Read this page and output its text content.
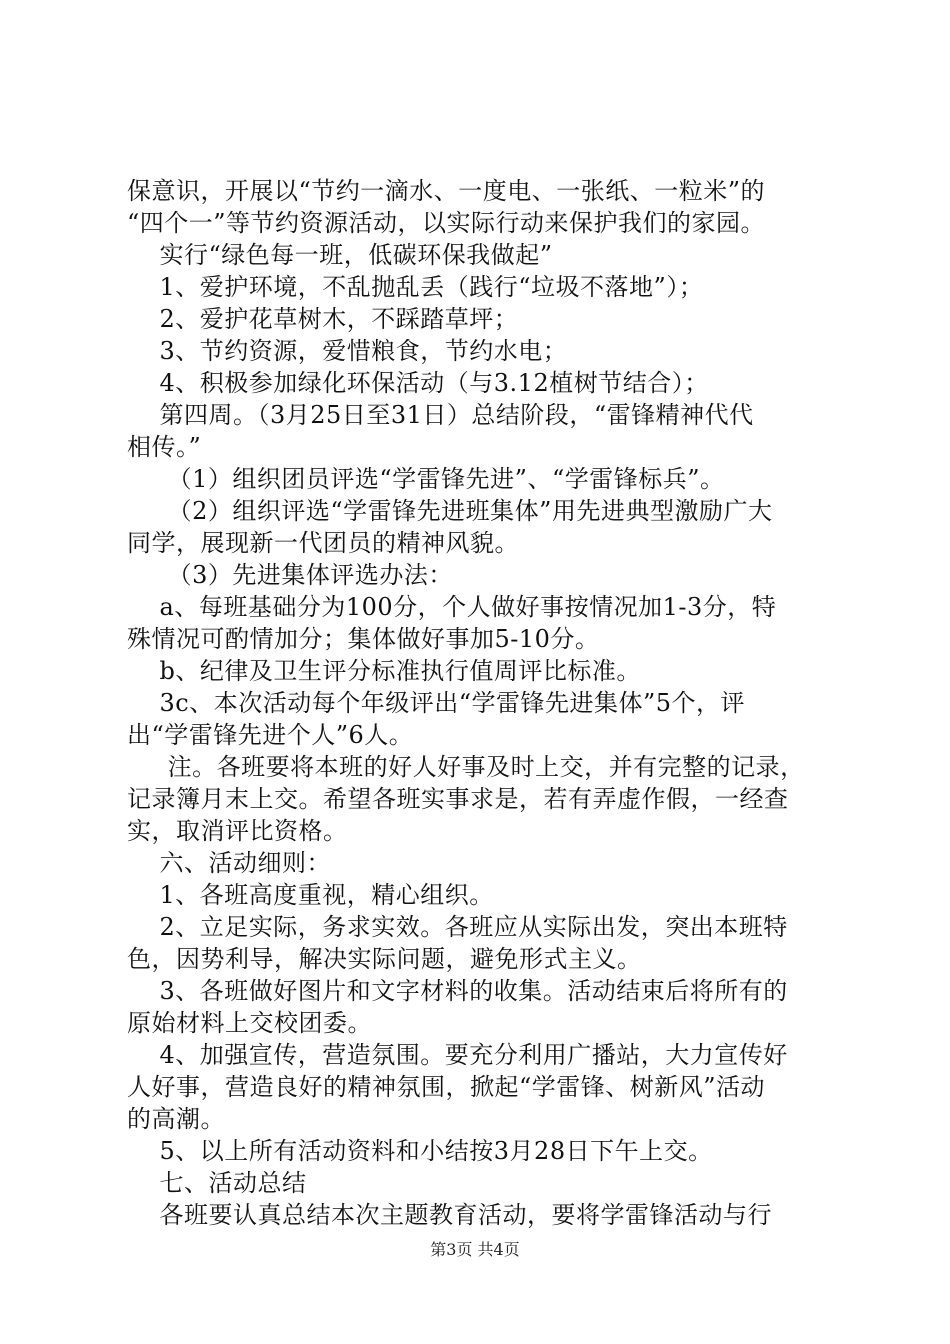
保意识，开展以“节约一滴水、一度电、一张纸、一粒米”的
“四个一”等节约资源活动，以实际行动来保护我们的家园。
实行“绿色每一班，低碳环保我做起”
1、爱护环境，不乱抛乱丢（践行“垃圾不落地”）；
2、爱护花草树木，不踩踏草坪；
3、节约资源，爱惜粮食，节约水电；
4、积极参加绿化环保活动（与3.12植树节结合）；
第四周。（3月25日至31日）总结阶段，“雷锋精神代代
相传。”
（1）组织团员评选“学雷锋先进”、“学雷锋标兵”。
（2）组织评选“学雷锋先进班集体”用先进典型激励广大
同学，展现新一代团员的精神风貌。
（3）先进集体评选办法：
a、每班基础分为100分，个人做好事按情况加1-3分，特
殊情况可酌情加分；集体做好事加5-10分。
b、纪律及卫生评分标准执行值周评比标准。
3c、本次活动每个年级评出“学雷锋先进集体”5个，评
出“学雷锋先进个人”6人。
注。各班要将本班的好人好事及时上交，并有完整的记录，
记录簿月末上交。希望各班实事求是，若有弄虚作假，一经查
实，取消评比资格。
六、活动细则：
1、各班高度重视，精心组织。
2、立足实际，务求实效。各班应从实际出发，突出本班特
色，因势利导，解决实际问题，避免形式主义。
3、各班做好图片和文字材料的收集。活动结束后将所有的
原始材料上交校团委。
4、加强宣传，营造氛围。要充分利用广播站，大力宣传好
人好事，营造良好的精神氛围，掀起“学雷锋、树新风”活动
的高潮。
5、以上所有活动资料和小结按3月28日下午上交。
七、活动总结
各班要认真总结本次主题教育活动，要将学雷锋活动与行
第3页 共4页
